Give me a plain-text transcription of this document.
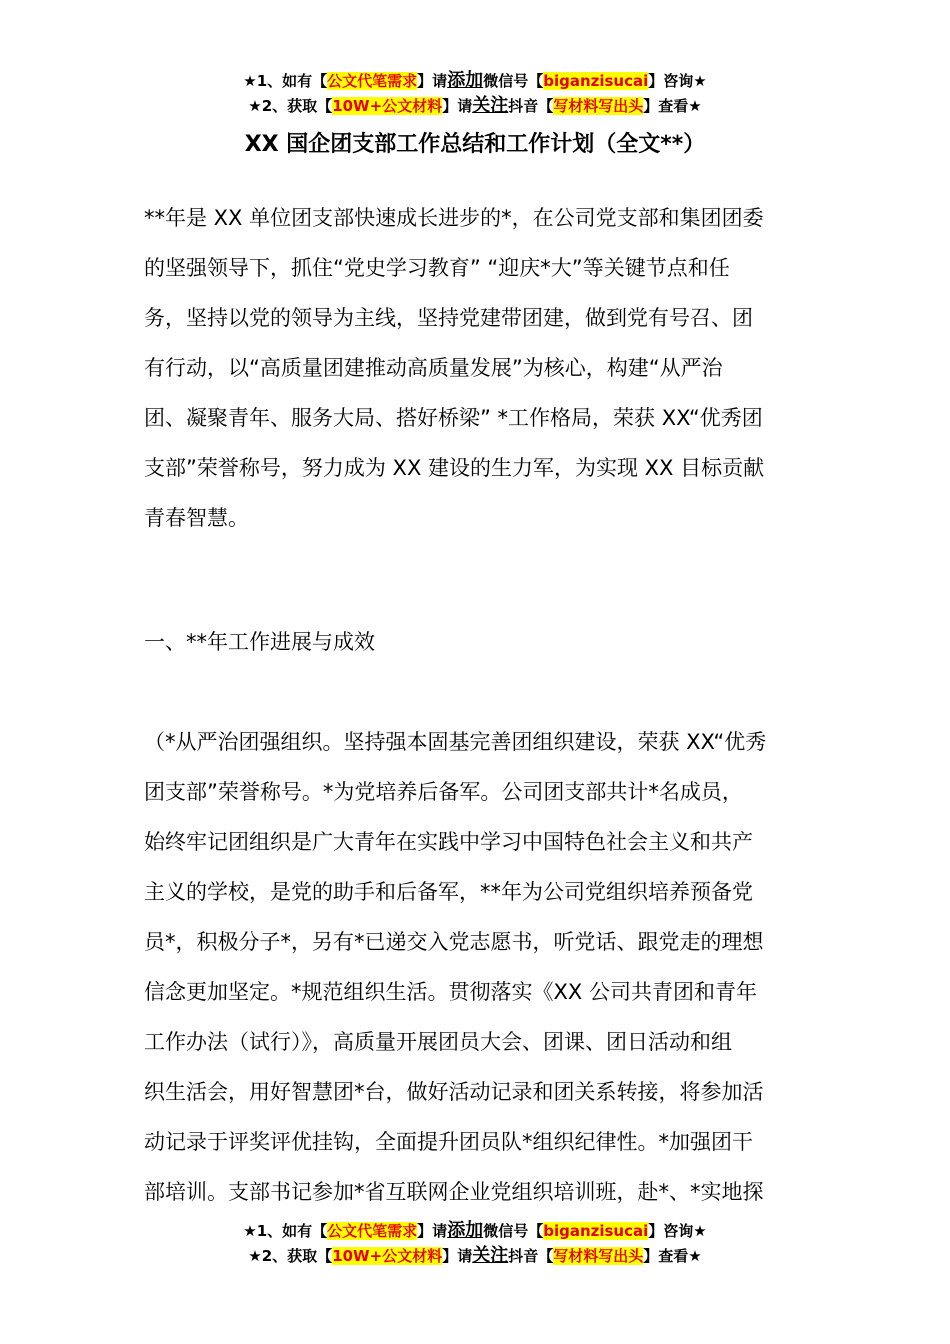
★1、如有【公文代笔需求】请添加微信号【biganzisucai】咨询★
★2、获取【10W+公文材料】请关注抖音【写材料写出头】查看★
XX 国企团支部工作总结和工作计划（全文**）
**年是 XX 单位团支部快速成长进步的*，在公司党支部和集团团委
的坚强领导下，抓住“党史学习教育” “迎庆*大”等关键节点和任
务，坚持以党的领导为主线，坚持党建带团建，做到党有号召、团
有行动，以“高质量团建推动高质量发展”为核心，构建“从严治
团、凝聚青年、服务大局、搭好桥梁” *工作格局，荣获 XX“优秀团
支部”荣誉称号，努力成为 XX 建设的生力军，为实现 XX 目标贡献
青春智慧。
一、**年工作进展与成效
（*从严治团强组织。坚持强本固基完善团组织建设，荣获 XX“优秀
团支部”荣誉称号。*为党培养后备军。公司团支部共计*名成员，
始终牢记团组织是广大青年在实践中学习中国特色社会主义和共产
主义的学校，是党的助手和后备军，**年为公司党组织培养预备党
员*，积极分子*，另有*已递交入党志愿书，听党话、跟党走的理想
信念更加坚定。*规范组织生活。贯彻落实《XX 公司共青团和青年
工作办法（试行）》，高质量开展团员大会、团课、团日活动和组
织生活会，用好智慧团*台，做好活动记录和团关系转接，将参加活
动记录于评奖评优挂钩，全面提升团员队*组织纪律性。*加强团干
部培训。支部书记参加*省互联网企业党组织培训班，赴*、*实地探
★1、如有【公文代笔需求】请添加微信号【biganzisucai】咨询★
★2、获取【10W+公文材料】请关注抖音【写材料写出头】查看★
